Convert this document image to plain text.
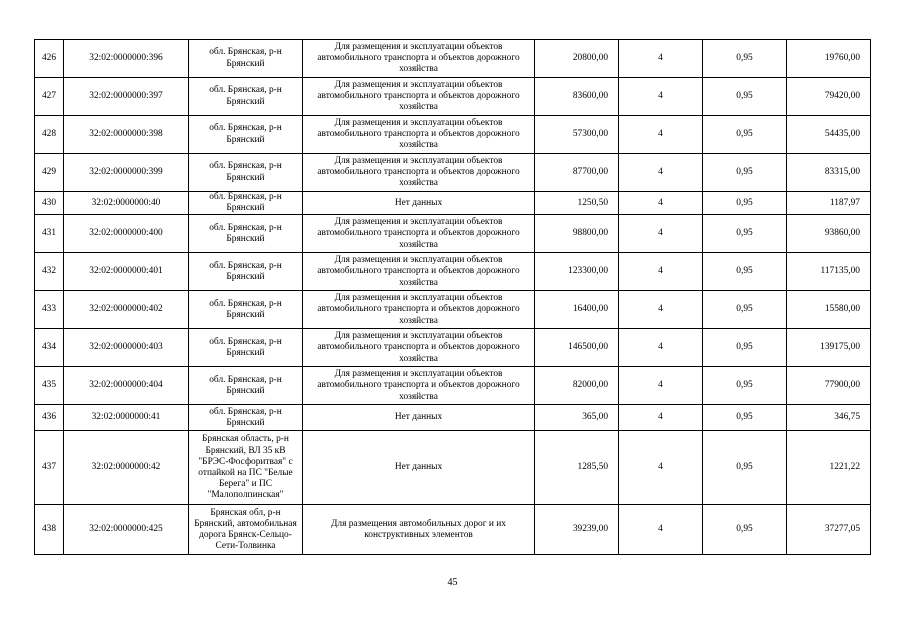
426	32:02:0000000:396	обл. Брянская, р-н Брянский	Для размещения и эксплуатации объектов автомобильного транспорта и объектов дорожного хозяйства	20800,00	4	0,95	19760,00
427	32:02:0000000:397	обл. Брянская, р-н Брянский	Для размещения и эксплуатации объектов автомобильного транспорта и объектов дорожного хозяйства	83600,00	4	0,95	79420,00
428	32:02:0000000:398	обл. Брянская, р-н Брянский	Для размещения и эксплуатации объектов автомобильного транспорта и объектов дорожного хозяйства	57300,00	4	0,95	54435,00
429	32:02:0000000:399	обл. Брянская, р-н Брянский	Для размещения и эксплуатации объектов автомобильного транспорта и объектов дорожного хозяйства	87700,00	4	0,95	83315,00
430	32:02:0000000:40	обл. Брянская, р-н Брянский	Нет данных	1250,50	4	0,95	1187,97
431	32:02:0000000:400	обл. Брянская, р-н Брянский	Для размещения и эксплуатации объектов автомобильного транспорта и объектов дорожного хозяйства	98800,00	4	0,95	93860,00
432	32:02:0000000:401	обл. Брянская, р-н Брянский	Для размещения и эксплуатации объектов автомобильного транспорта и объектов дорожного хозяйства	123300,00	4	0,95	117135,00
433	32:02:0000000:402	обл. Брянская, р-н Брянский	Для размещения и эксплуатации объектов автомобильного транспорта и объектов дорожного хозяйства	16400,00	4	0,95	15580,00
434	32:02:0000000:403	обл. Брянская, р-н Брянский	Для размещения и эксплуатации объектов автомобильного транспорта и объектов дорожного хозяйства	146500,00	4	0,95	139175,00
435	32:02:0000000:404	обл. Брянская, р-н Брянский	Для размещения и эксплуатации объектов автомобильного транспорта и объектов дорожного хозяйства	82000,00	4	0,95	77900,00
436	32:02:0000000:41	обл. Брянская, р-н Брянский	Нет данных	365,00	4	0,95	346,75
437	32:02:0000000:42	Брянская область, р-н Брянский, ВЛ 35 кВ "БРЭС-Фосфоритвая" с отпайкой на ПС "Белые Берега" и ПС "Малополпинская"	Нет данных	1285,50	4	0,95	1221,22
438	32:02:0000000:425	Брянская обл, р-н Брянский, автомобильная дорога Брянск-Сельцо-Сети-Толвинка	Для размещения автомобильных дорог и их конструктивных элементов	39239,00	4	0,95	37277,05
45
